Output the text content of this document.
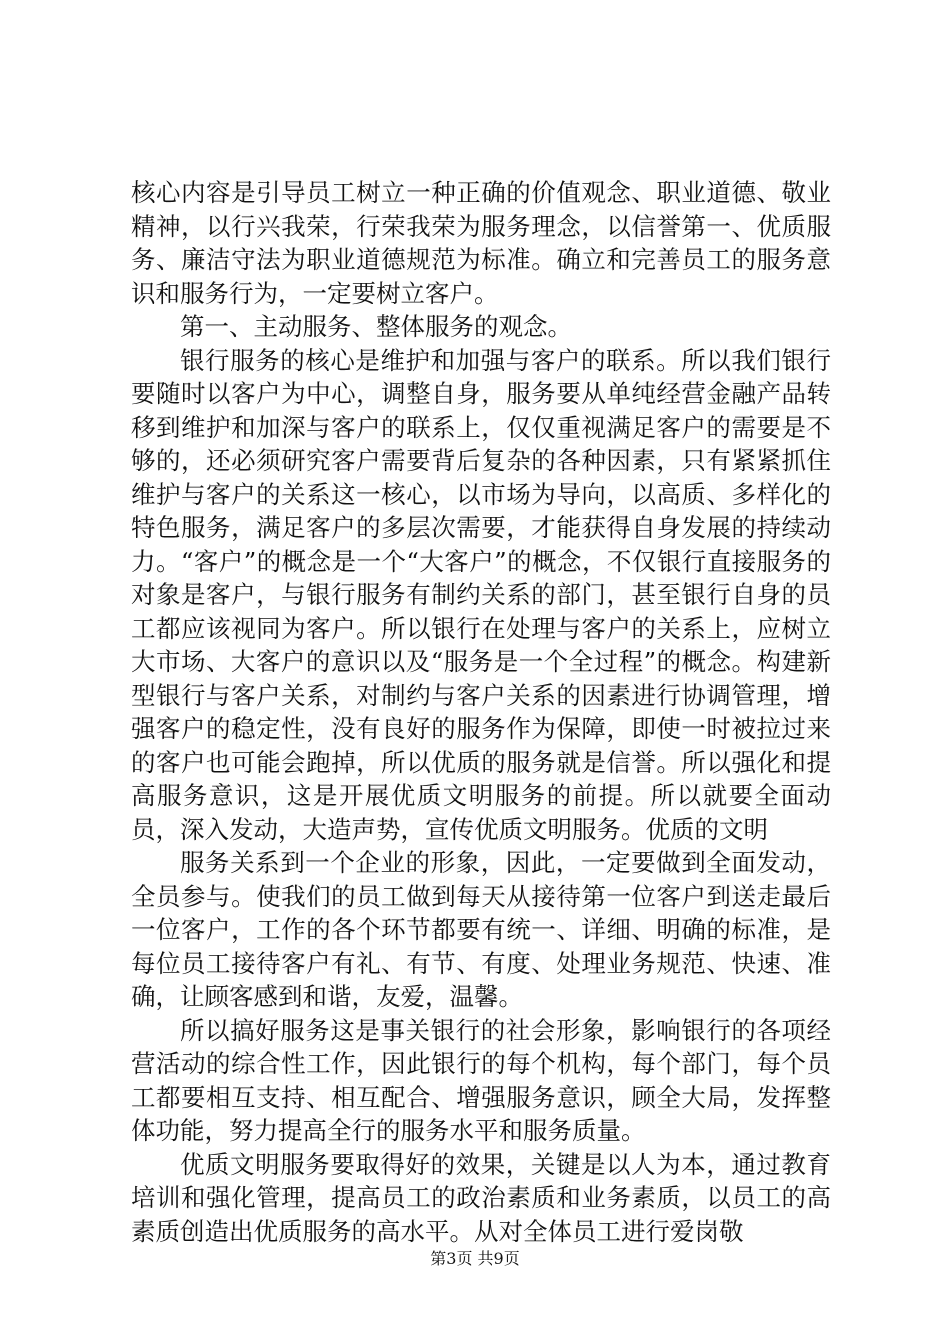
核心内容是引导员工树立一种正确的价值观念、职业道德、敬业精神，以行兴我荣，行荣我荣为服务理念，以信誉第一、优质服务、廉洁守法为职业道德规范为标准。确立和完善员工的服务意识和服务行为，一定要树立客户。

第一、主动服务、整体服务的观念。

银行服务的核心是维护和加强与客户的联系。所以我们银行要随时以客户为中心，调整自身，服务要从单纯经营金融产品转移到维护和加深与客户的联系上，仅仅重视满足客户的需要是不够的，还必须研究客户需要背后复杂的各种因素，只有紧紧抓住维护与客户的关系这一核心，以市场为导向，以高质、多样化的特色服务，满足客户的多层次需要，才能获得自身发展的持续动力。“客户”的概念是一个“大客户”的概念，不仅银行直接服务的对象是客户，与银行服务有制约关系的部门，甚至银行自身的员工都应该视同为客户。所以银行在处理与客户的关系上，应树立大市场、大客户的意识以及“服务是一个全过程”的概念。构建新型银行与客户关系，对制约与客户关系的因素进行协调管理，增强客户的稳定性，没有良好的服务作为保障，即使一时被拉过来的客户也可能会跑掉，所以优质的服务就是信誉。所以强化和提高服务意识，这是开展优质文明服务的前提。所以就要全面动员，深入发动，大造声势，宣传优质文明服务。优质的文明

服务关系到一个企业的形象，因此，一定要做到全面发动，全员参与。使我们的员工做到每天从接待第一位客户到送走最后一位客户，工作的各个环节都要有统一、详细、明确的标准，是每位员工接待客户有礼、有节、有度、处理业务规范、快速、准确，让顾客感到和谐，友爱，温馨。

所以搞好服务这是事关银行的社会形象，影响银行的各项经营活动的综合性工作，因此银行的每个机构，每个部门，每个员工都要相互支持、相互配合、增强服务意识，顾全大局，发挥整体功能，努力提高全行的服务水平和服务质量。

优质文明服务要取得好的效果，关键是以人为本，通过教育培训和强化管理，提高员工的政治素质和业务素质，以员工的高素质创造出优质服务的高水平。从对全体员工进行爱岗敬

第3页 共9页
